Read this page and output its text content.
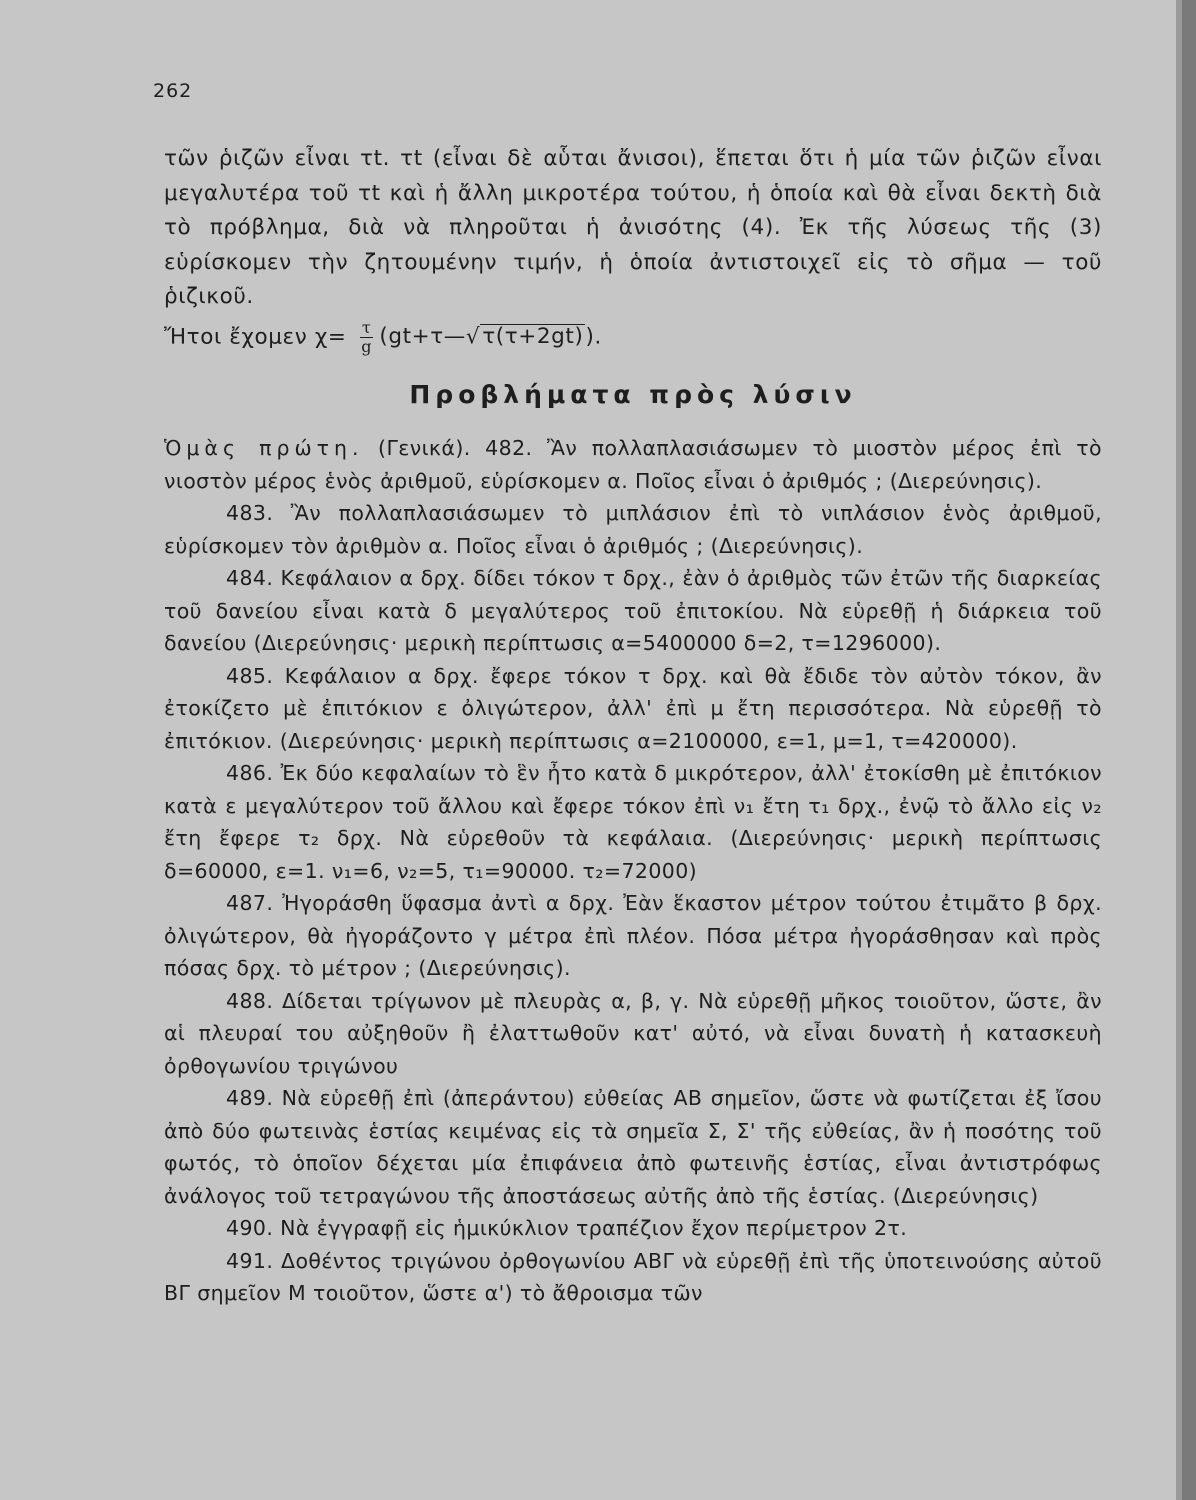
262

τῶν ῥιζῶν εἶναι τt. τt (εἶναι δὲ αὗται ἄνισοι), ἕπεται ὅτι ἡ μία τῶν ῥιζῶν εἶναι μεγαλυτέρα τοῦ τt καὶ ἡ ἄλλη μικροτέρα τούτου, ἡ ὁποία καὶ θὰ εἶναι δεκτὴ διὰ τὸ πρόβλημα, διὰ νὰ πληροῦται ἡ ἀνισότης (4). Ἐκ τῆς λύσεως τῆς (3) εὑρίσκομεν τὴν ζητουμένην τιμήν, ἡ ὁποία ἀντιστοιχεῖ εἰς τὸ σῆμα — τοῦ ῥιζικοῦ.

Ἤτοι ἔχομεν $\chi= \frac{\tau}{g}$ (gt+τ—√τ(τ+2gt)).
Προβλήματα πρὸς λύσιν

Ὁμὰς πρώτη. (Γενικά). 482. Ἂν πολλαπλασιάσωμεν τὸ μιοστὸν μέρος ἐπὶ τὸ νιοστὸν μέρος ἑνὸς ἀριθμοῦ, εὑρίσκομεν α. Ποῖος εἶναι ὁ ἀριθμός ; (Διερεύνησις).

483. Ἂν πολλαπλασιάσωμεν τὸ μιπλάσιον ἐπὶ τὸ νιπλάσιον ἑνὸς ἀριθμοῦ, εὑρίσκομεν τὸν ἀριθμὸν α. Ποῖος εἶναι ὁ ἀριθμός ; (Διερεύνησις).

484. Κεφάλαιον α δρχ. δίδει τόκον τ δρχ., ἐὰν ὁ ἀριθμὸς τῶν ἐτῶν τῆς διαρκείας τοῦ δανείου εἶναι κατὰ δ μεγαλύτερος τοῦ ἐπιτοκίου. Νὰ εὑρεθῇ ἡ διάρκεια τοῦ δανείου (Διερεύνησις· μερικὴ περίπτωσις α=5400000 δ=2, τ=1296000).

485. Κεφάλαιον α δρχ. ἔφερε τόκον τ δρχ. καὶ θὰ ἔδιδε τὸν αὐτὸν τόκον, ἂν ἐτοκίζετο μὲ ἐπιτόκιον ε ὀλιγώτερον, ἀλλ' ἐπὶ μ ἔτη περισσότερα. Νὰ εὑρεθῇ τὸ ἐπιτόκιον. (Διερεύνησις· μερικὴ περίπτωσις α=2100000, ε=1, μ=1, τ=420000).

486. Ἐκ δύο κεφαλαίων τὸ ἓν ἦτο κατὰ δ μικρότερον, ἀλλ' ἐτοκίσθη μὲ ἐπιτόκιον κατὰ ε μεγαλύτερον τοῦ ἄλλου καὶ ἔφερε τόκον ἐπὶ ν₁ ἔτη τ₁ δρχ., ἐνῷ τὸ ἄλλο εἰς ν₂ ἔτη ἔφερε τ₂ δρχ. Νὰ εὑρεθοῦν τὰ κεφάλαια. (Διερεύνησις· μερικὴ περίπτωσις δ=60000, ε=1. ν₁=6, ν₂=5, τ₁=90000. τ₂=72000)

487. Ἠγοράσθη ὕφασμα ἀντὶ α δρχ. Ἐὰν ἕκαστον μέτρον τούτου ἐτιμᾶτο β δρχ. ὀλιγώτερον, θὰ ἠγοράζοντο γ μέτρα ἐπὶ πλέον. Πόσα μέτρα ἠγοράσθησαν καὶ πρὸς πόσας δρχ. τὸ μέτρον ; (Διερεύνησις).

488. Δίδεται τρίγωνον μὲ πλευρὰς α, β, γ. Νὰ εὑρεθῇ μῆκος τοιοῦτον, ὥστε, ἂν αἱ πλευραί του αὐξηθοῦν ἢ ἐλαττωθοῦν κατ' αὐτό, νὰ εἶναι δυνατὴ ἡ κατασκευὴ ὀρθογωνίου τριγώνου

489. Νὰ εὑρεθῇ ἐπὶ (ἀπεράντου) εὐθείας ΑΒ σημεῖον, ὥστε νὰ φωτίζεται ἐξ ἴσου ἀπὸ δύο φωτεινὰς ἑστίας κειμένας εἰς τὰ σημεῖα Σ, Σ' τῆς εὐθείας, ἂν ἡ ποσότης τοῦ φωτός, τὸ ὁποῖον δέχεται μία ἐπιφάνεια ἀπὸ φωτεινῆς ἑστίας, εἶναι ἀντιστρόφως ἀνάλογος τοῦ τετραγώνου τῆς ἀποστάσεως αὐτῆς ἀπὸ τῆς ἑστίας. (Διερεύνησις)

490. Νὰ ἐγγραφῇ εἰς ἡμικύκλιον τραπέζιον ἔχον περίμετρον 2τ.

491. Δοθέντος τριγώνου ὀρθογωνίου ΑΒΓ νὰ εὑρεθῇ ἐπὶ τῆς ὑποτεινούσης αὐτοῦ ΒΓ σημεῖον Μ τοιοῦτον, ὥστε α') τὸ ἄθροισμα τῶν
